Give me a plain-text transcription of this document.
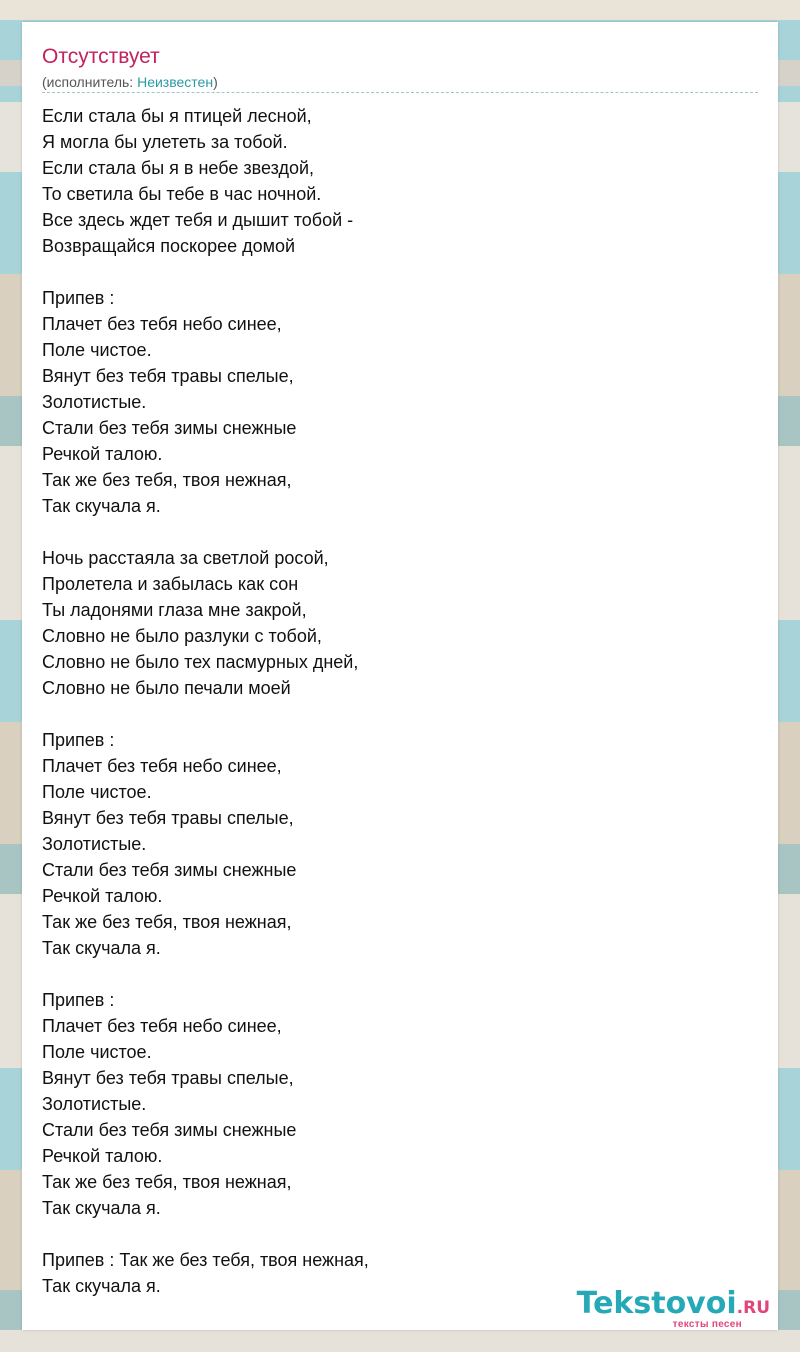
Отсутствует
(исполнитель: Неизвестен)
Если стала бы я птицей лесной,
Я могла бы улететь за тобой.
Если стала бы я в небе звездой,
То светила бы тебе в час ночной.
Все здесь ждет тебя и дышит тобой -
Возвращайся поскорее домой

Припев :
Плачет без тебя небо синее,
Поле чистое.
Вянут без тебя травы спелые,
Золотистые.
Стали без тебя зимы снежные
Речкой талою.
Так же без тебя, твоя нежная,
Так скучала я.

Ночь расстаяла за светлой росой,
Пролетела и забылась как сон
Ты ладонями глаза мне закрой,
Словно не было разлуки с тобой,
Словно не было тех пасмурных дней,
Словно не было печали моей

Припев :
Плачет без тебя небо синее,
Поле чистое.
Вянут без тебя травы спелые,
Золотистые.
Стали без тебя зимы снежные
Речкой талою.
Так же без тебя, твоя нежная,
Так скучала я.

Припев :
Плачет без тебя небо синее,
Поле чистое.
Вянут без тебя травы спелые,
Золотистые.
Стали без тебя зимы снежные
Речкой талою.
Так же без тебя, твоя нежная,
Так скучала я.

Припев : Так же без тебя, твоя нежная,
Так скучала я.	Tekstovoi.RU
тексты песен
